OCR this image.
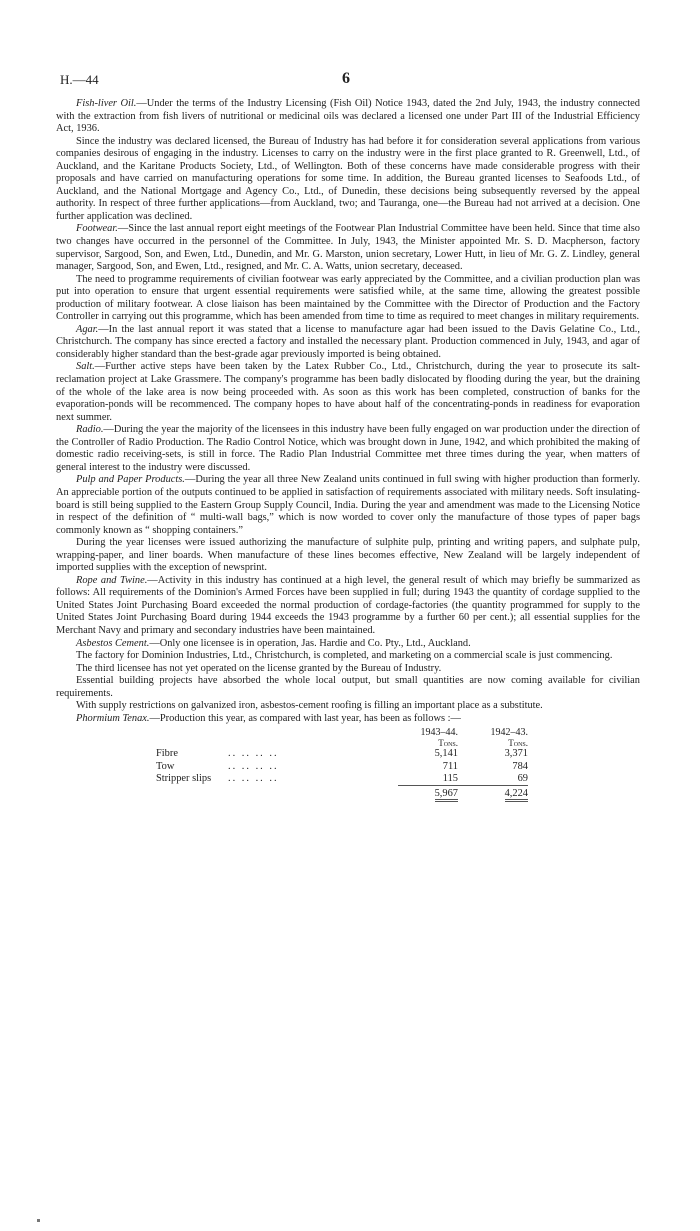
H.—44	6

Fish-liver Oil.—Under the terms of the Industry Licensing (Fish Oil) Notice 1943, dated the 2nd July, 1943, the industry connected with the extraction from fish livers of nutritional or medicinal oils was declared a licensed one under Part III of the Industrial Efficiency Act, 1936.

Since the industry was declared licensed, the Bureau of Industry has had before it for consideration several applications from various companies desirous of engaging in the industry. Licenses to carry on the industry were in the first place granted to R. Greenwell, Ltd., of Auckland, and the Karitane Products Society, Ltd., of Wellington. Both of these concerns have made considerable progress with their proposals and have carried on manufacturing operations for some time. In addition, the Bureau granted licenses to Seafoods Ltd., of Auckland, and the National Mortgage and Agency Co., Ltd., of Dunedin, these decisions being subsequently reversed by the appeal authority. In respect of three further applications—from Auckland, two; and Tauranga, one—the Bureau had not arrived at a decision. One further application was declined.

Footwear.—Since the last annual report eight meetings of the Footwear Plan Industrial Committee have been held. Since that time also two changes have occurred in the personnel of the Committee. In July, 1943, the Minister appointed Mr. S. D. Macpherson, factory supervisor, Sargood, Son, and Ewen, Ltd., Dunedin, and Mr. G. Marston, union secretary, Lower Hutt, in lieu of Mr. G. Z. Lindley, general manager, Sargood, Son, and Ewen, Ltd., resigned, and Mr. C. A. Watts, union secretary, deceased.

The need to programme requirements of civilian footwear was early appreciated by the Committee, and a civilian production plan was put into operation to ensure that urgent essential requirements were satisfied while, at the same time, allowing the greatest possible production of military footwear. A close liaison has been maintained by the Committee with the Director of Production and the Factory Controller in carrying out this programme, which has been amended from time to time as required to meet changes in military requirements.

Agar.—In the last annual report it was stated that a license to manufacture agar had been issued to the Davis Gelatine Co., Ltd., Christchurch. The company has since erected a factory and installed the necessary plant. Production commenced in July, 1943, and agar of considerably higher standard than the best-grade agar previously imported is being obtained.

Salt.—Further active steps have been taken by the Latex Rubber Co., Ltd., Christchurch, during the year to prosecute its salt-reclamation project at Lake Grassmere. The company's programme has been badly dislocated by flooding during the year, but the draining of the whole of the lake area is now being proceeded with. As soon as this work has been completed, construction of banks for the evaporation-ponds will be recommenced. The company hopes to have about half of the concentrating-ponds in readiness for evaporation next summer.

Radio.—During the year the majority of the licensees in this industry have been fully engaged on war production under the direction of the Controller of Radio Production. The Radio Control Notice, which was brought down in June, 1942, and which prohibited the making of domestic radio receiving-sets, is still in force. The Radio Plan Industrial Committee met three times during the year, when matters of general interest to the industry were discussed.

Pulp and Paper Products.—During the year all three New Zealand units continued in full swing with higher production than formerly. An appreciable portion of the outputs continued to be applied in satisfaction of requirements associated with military needs. Soft insulating-board is still being supplied to the Eastern Group Supply Council, India. During the year and amendment was made to the Licensing Notice in respect of the definition of “ multi-wall bags,” which is now worded to cover only the manufacture of those types of paper bags commonly known as “ shopping containers.”

During the year licenses were issued authorizing the manufacture of sulphite pulp, printing and writing papers, and sulphate pulp, wrapping-paper, and liner boards. When manufacture of these lines becomes effective, New Zealand will be largely independent of imported supplies with the exception of newsprint.

Rope and Twine.—Activity in this industry has continued at a high level, the general result of which may briefly be summarized as follows: All requirements of the Dominion's Armed Forces have been supplied in full; during 1943 the quantity of cordage supplied to the United States Joint Purchasing Board exceeded the normal production of cordage-factories (the quantity programmed for supply to the United States Joint Purchasing Board during 1944 exceeds the 1943 programme by a further 60 per cent.); all essential supplies for the Merchant Navy and primary and secondary industries have been maintained.

Asbestos Cement.—Only one licensee is in operation, Jas. Hardie and Co. Pty., Ltd., Auckland.

The factory for Dominion Industries, Ltd., Christchurch, is completed, and marketing on a commercial scale is just commencing.

The third licensee has not yet operated on the license granted by the Bureau of Industry.

Essential building projects have absorbed the whole local output, but small quantities are now coming available for civilian requirements.

With supply restrictions on galvanized iron, asbestos-cement roofing is filling an important place as a substitute.

Phormium Tenax.—Production this year, as compared with last year, has been as follows :—

		1943–44.	1942–43.
		Tons.	Tons.
Fibre	.. .. .. ..	5,141	3,371
Tow	.. .. .. ..	711	784
Stripper slips	.. .. .. ..	115	69

		5,967	4,224
